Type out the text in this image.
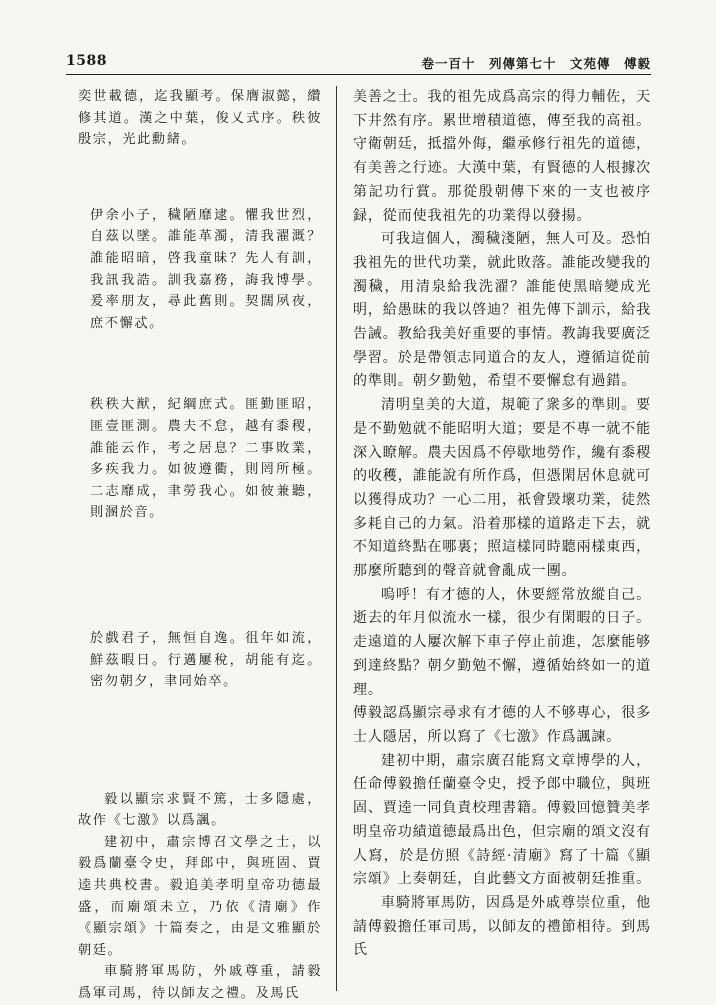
1588	卷一百十　列傳第七十　文苑傳　傅毅

奕世載德，迄我顯考。保膺淑懿，纘修其道。漢之中葉，俊乂式序。秩彼殷宗，光此勳緒。

伊余小子，穢陋靡逮。懼我世烈，自茲以墜。誰能革濁，清我濯溉？誰能昭暗，啓我童昧？先人有訓，我訊我誥。訓我嘉務，誨我博學。爰率朋友，尋此舊則。契闊夙夜，庶不懈忒。

秩秩大猷，紀綱庶式。匪勤匪昭，匪壹匪測。農夫不怠，越有黍稷，誰能云作，考之居息？二事敗業，多疾我力。如彼遵衢，則罔所極。二志靡成，聿勞我心。如彼兼聽，則溷於音。

於戲君子，無恒自逸。徂年如流，鮮茲暇日。行邁屢稅，胡能有迄。密勿朝夕，聿同始卒。

毅以顯宗求賢不篤，士多隱處，故作《七激》以爲諷。

建初中，肅宗博召文學之士，以毅爲蘭臺令史，拜郎中，與班固、賈逵共典校書。毅追美孝明皇帝功德最盛，而廟頌未立，乃依《清廟》作《顯宗頌》十篇奏之，由是文雅顯於朝廷。

車騎將軍馬防，外戚尊重，請毅爲軍司馬，待以師友之禮。及馬氏

美善之士。我的祖先成爲高宗的得力輔佐，天下井然有序。累世增積道德，傳至我的高祖。守衛朝廷，抵擋外侮，繼承修行祖先的道德，有美善之行迹。大漢中葉，有賢德的人根據次第記功行賞。那從殷朝傳下來的一支也被序録，從而使我祖先的功業得以發揚。

可我這個人，濁穢淺陋，無人可及。恐怕我祖先的世代功業，就此敗落。誰能改變我的濁穢，用清泉給我洗濯？誰能使黑暗變成光明，給愚昧的我以啓迪？祖先傳下訓示，給我告誡。教給我美好重要的事情。教誨我要廣泛學習。於是帶領志同道合的友人，遵循這從前的準則。朝夕勤勉，希望不要懈怠有過錯。

清明皇美的大道，規範了衆多的準則。要是不勤勉就不能昭明大道；要是不專一就不能深入瞭解。農夫因爲不停歇地勞作，纔有黍稷的收穫，誰能說有所作爲，但憑閑居休息就可以獲得成功？一心二用，祇會毀壞功業，徒然多耗自己的力氣。沿着那樣的道路走下去，就不知道終點在哪裏；照這樣同時聽兩樣東西，那麼所聽到的聲音就會亂成一團。

嗚呼！有才德的人，休要經常放縱自己。逝去的年月似流水一樣，很少有閑暇的日子。走遠道的人屢次解下車子停止前進，怎麼能够到達終點？朝夕勤勉不懈，遵循始終如一的道理。

傅毅認爲顯宗尋求有才德的人不够專心，很多士人隱居，所以寫了《七激》作爲諷諫。

建初中期，肅宗廣召能寫文章博學的人，任命傅毅擔任蘭臺令史，授予郎中職位，與班固、賈逵一同負責校理書籍。傅毅回憶贊美孝明皇帝功績道德最爲出色，但宗廟的頌文沒有人寫，於是仿照《詩經·清廟》寫了十篇《顯宗頌》上奏朝廷，自此藝文方面被朝廷推重。

車騎將軍馬防，因爲是外戚尊崇位重，他請傅毅擔任軍司馬，以師友的禮節相待。到馬氏
